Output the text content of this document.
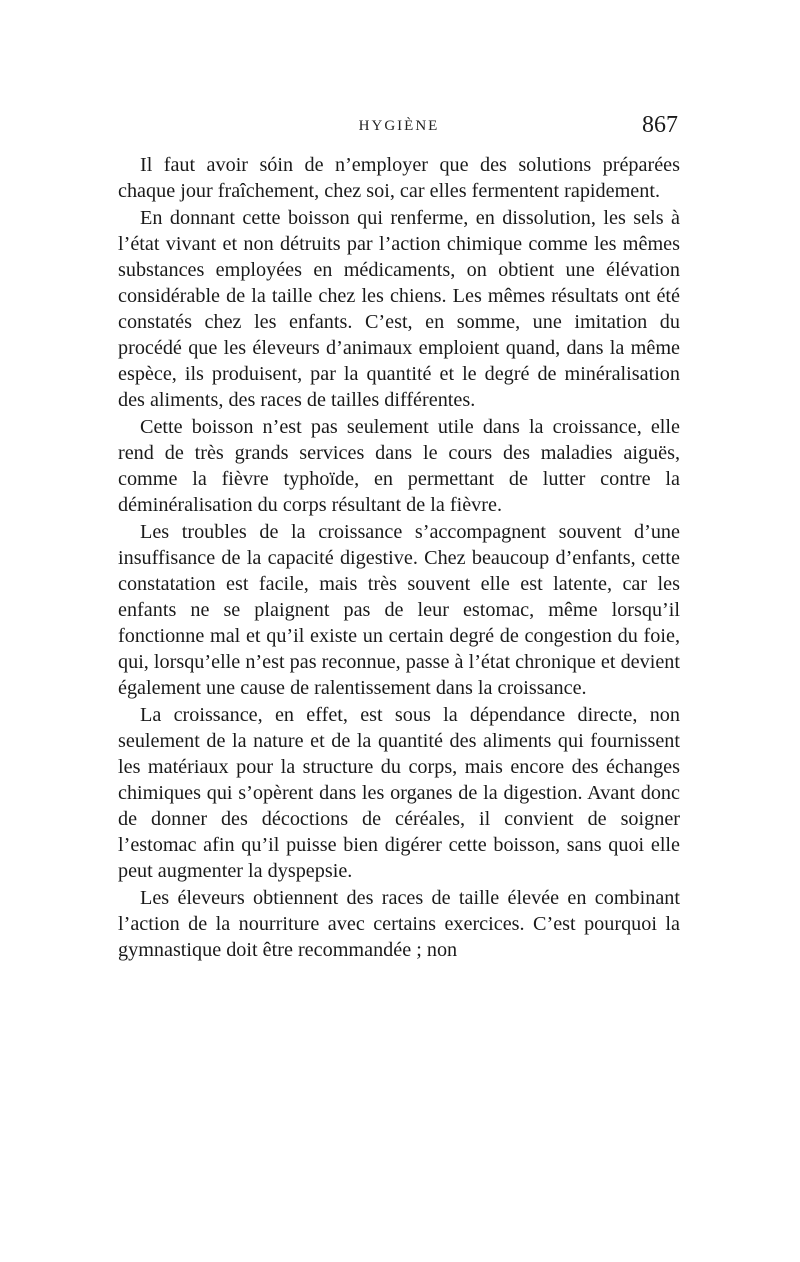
HYGIÈNE	867

Il faut avoir sóin de n’employer que des solutions préparées chaque jour fraîchement, chez soi, car elles fermentent rapidement.

En donnant cette boisson qui renferme, en dissolution, les sels à l’état vivant et non détruits par l’action chimique comme les mêmes substances employées en médicaments, on obtient une élévation considérable de la taille chez les chiens. Les mêmes résultats ont été constatés chez les enfants. C’est, en somme, une imitation du procédé que les éleveurs d’animaux emploient quand, dans la même espèce, ils produisent, par la quantité et le degré de minéralisation des aliments, des races de tailles différentes.

Cette boisson n’est pas seulement utile dans la croissance, elle rend de très grands services dans le cours des maladies aiguës, comme la fièvre typhoïde, en permettant de lutter contre la déminéralisation du corps résultant de la fièvre.

Les troubles de la croissance s’accompagnent souvent d’une insuffisance de la capacité digestive. Chez beaucoup d’enfants, cette constatation est facile, mais très souvent elle est latente, car les enfants ne se plaignent pas de leur estomac, même lorsqu’il fonctionne mal et qu’il existe un certain degré de congestion du foie, qui, lorsqu’elle n’est pas reconnue, passe à l’état chronique et devient également une cause de ralentissement dans la croissance.

La croissance, en effet, est sous la dépendance directe, non seulement de la nature et de la quantité des aliments qui fournissent les matériaux pour la structure du corps, mais encore des échanges chimiques qui s’opèrent dans les organes de la digestion. Avant donc de donner des décoctions de céréales, il convient de soigner l’estomac afin qu’il puisse bien digérer cette boisson, sans quoi elle peut augmenter la dyspepsie.

Les éleveurs obtiennent des races de taille élevée en combinant l’action de la nourriture avec certains exercices. C’est pourquoi la gymnastique doit être recommandée ; non
